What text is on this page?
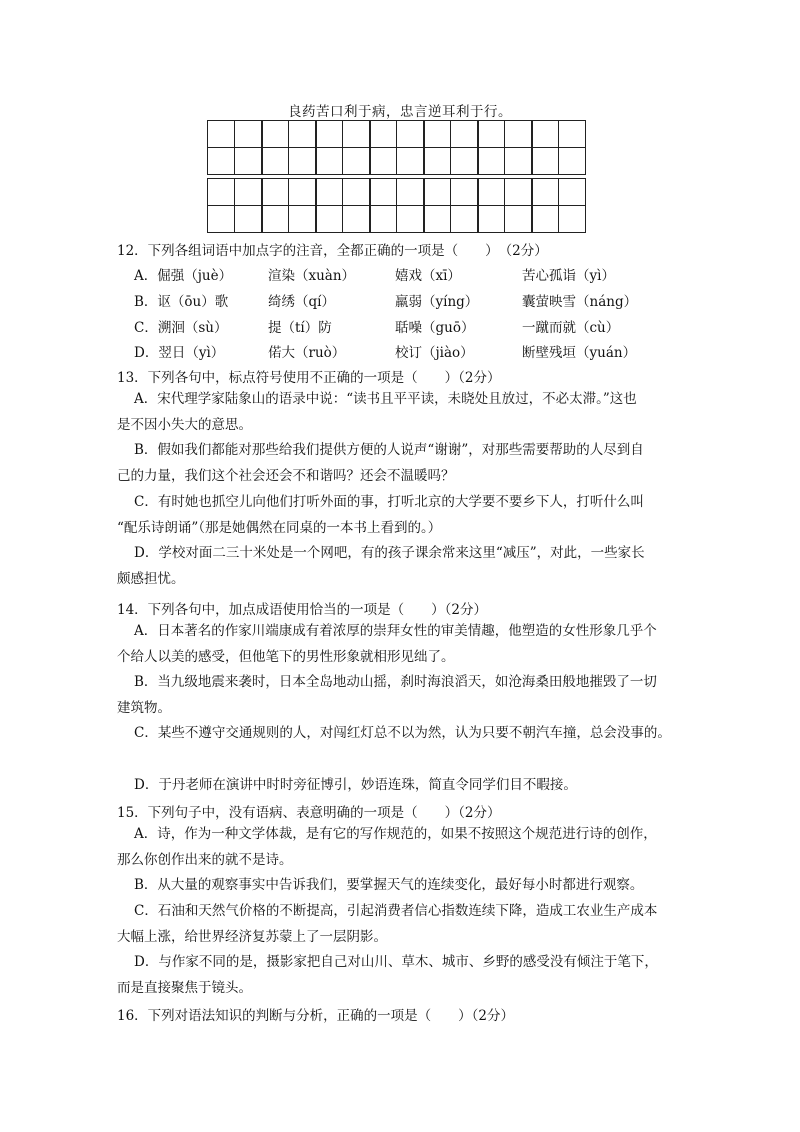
良药苦口利于病，忠言逆耳利于行。

12．下列各组词语中加点字的注音，全都正确的一项是（　　）　（2分）
A．倔强（juè）	渲染（xuàn）	嬉戏（xī）	苦心孤诣（yì）
B．讴（ōu）歌	绮绣（qí）	羸弱（yíng）	囊萤映雪（náng）
C．溯洄（sù）	提（tí）防	聒噪（guō）	一蹴而就（cù）
D．翌日（yì）	偌大（ruò）	校订（jiào）	断壁残垣（yuán）
13．下列各句中，标点符号使用不正确的一项是（　　）（2分）
A．宋代理学家陆象山的语录中说：“读书且平平读，未晓处且放过，不必太滞。”这也
是不因小失大的意思。
B．假如我们都能对那些给我们提供方便的人说声“谢谢”，对那些需要帮助的人尽到自
己的力量，我们这个社会还会不和谐吗？还会不温暖吗？
C．有时她也抓空儿向他们打听外面的事，打听北京的大学要不要乡下人，打听什么叫
“配乐诗朗诵”（那是她偶然在同桌的一本书上看到的。）
D．学校对面二三十米处是一个网吧，有的孩子课余常来这里“减压”，对此，一些家长
颇感担忧。
14．下列各句中，加点成语使用恰当的一项是（　　）（2分）
A．日本著名的作家川端康成有着浓厚的崇拜女性的审美情趣，他塑造的女性形象几乎个
个给人以美的感受，但他笔下的男性形象就相形见绌了。
B．当九级地震来袭时，日本全岛地动山摇，刹时海浪滔天，如沧海桑田般地摧毁了一切
建筑物。
C．某些不遵守交通规则的人，对闯红灯总不以为然，认为只要不朝汽车撞，总会没事的。
D．于丹老师在演讲中时时旁征博引，妙语连珠，简直令同学们目不暇接。
15．下列句子中，没有语病、表意明确的一项是（　　）（2分）
A．诗，作为一种文学体裁，是有它的写作规范的，如果不按照这个规范进行诗的创作，
那么你创作出来的就不是诗。
B．从大量的观察事实中告诉我们，要掌握天气的连续变化，最好每小时都进行观察。
C．石油和天然气价格的不断提高，引起消费者信心指数连续下降，造成工农业生产成本
大幅上涨，给世界经济复苏蒙上了一层阴影。
D．与作家不同的是，摄影家把自己对山川、草木、城市、乡野的感受没有倾注于笔下，
而是直接聚焦于镜头。
16．下列对语法知识的判断与分析，正确的一项是（　　）（2分）
